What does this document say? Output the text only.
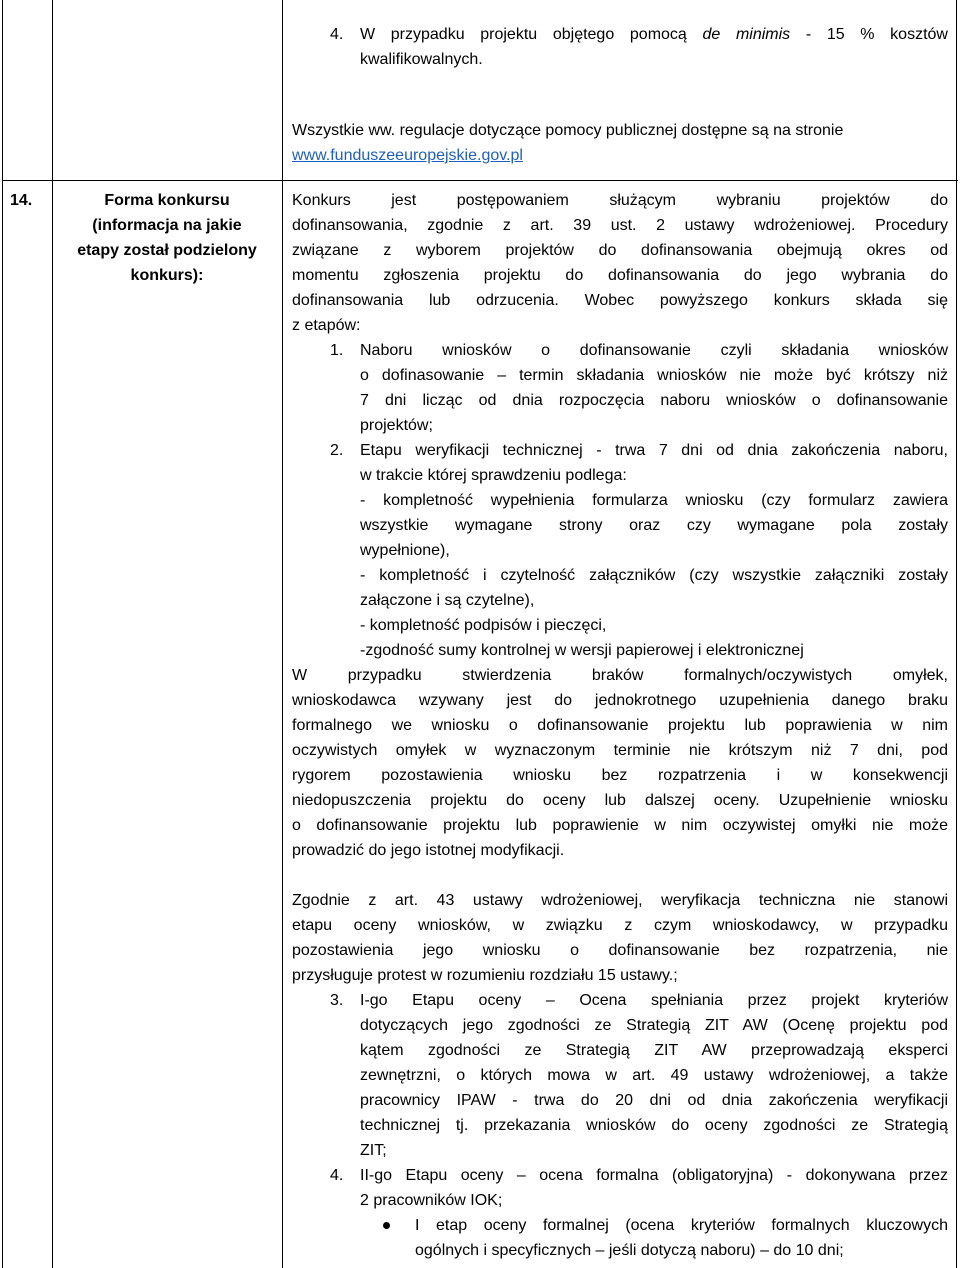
4. W przypadku projektu objętego pomocą de minimis - 15 % kosztów
kwalifikowalnych.
Wszystkie ww. regulacje dotyczące pomocy publicznej dostępne są na stronie
www.funduszeeuropejskie.gov.pl
14.	Forma konkursu
(informacja na jakie
etapy został podzielony
konkurs):
Konkurs jest postępowaniem służącym wybraniu projektów do
dofinansowania, zgodnie z art. 39 ust. 2 ustawy wdrożeniowej. Procedury
związane z wyborem projektów do dofinansowania obejmują okres od
momentu zgłoszenia projektu do dofinansowania do jego wybrania do
dofinansowania lub odrzucenia. Wobec powyższego konkurs składa się
z etapów:
1. Naboru wniosków o dofinansowanie czyli składania wniosków
o dofinasowanie – termin składania wniosków nie może być krótszy niż
7 dni licząc od dnia rozpoczęcia naboru wniosków o dofinansowanie
projektów;
2. Etapu weryfikacji technicznej - trwa 7 dni od dnia zakończenia naboru,
w trakcie której sprawdzeniu podlega:
- kompletność wypełnienia formularza wniosku (czy formularz zawiera
wszystkie wymagane strony oraz czy wymagane pola zostały
wypełnione),
- kompletność i czytelność załączników (czy wszystkie załączniki zostały
załączone i są czytelne),
- kompletność podpisów i pieczęci,
-zgodność sumy kontrolnej w wersji papierowej i elektronicznej
W przypadku stwierdzenia braków formalnych/oczywistych omyłek,
wnioskodawca wzywany jest do jednokrotnego uzupełnienia danego braku
formalnego we wniosku o dofinansowanie projektu lub poprawienia w nim
oczywistych omyłek w wyznaczonym terminie nie krótszym niż 7 dni, pod
rygorem pozostawienia wniosku bez rozpatrzenia i w konsekwencji
niedopuszczenia projektu do oceny lub dalszej oceny. Uzupełnienie wniosku
o dofinansowanie projektu lub poprawienie w nim oczywistej omyłki nie może
prowadzić do jego istotnej modyfikacji.
Zgodnie z art. 43 ustawy wdrożeniowej, weryfikacja techniczna nie stanowi
etapu oceny wniosków, w związku z czym wnioskodawcy, w przypadku
pozostawienia jego wniosku o dofinansowanie bez rozpatrzenia, nie
przysługuje protest w rozumieniu rozdziału 15 ustawy.;
3. I-go Etapu oceny – Ocena spełniania przez projekt kryteriów
dotyczących jego zgodności ze Strategią ZIT AW (Ocenę projektu pod
kątem zgodności ze Strategią ZIT AW przeprowadzają eksperci
zewnętrzni, o których mowa w art. 49 ustawy wdrożeniowej, a także
pracownicy IPAW - trwa do 20 dni od dnia zakończenia weryfikacji
technicznej tj. przekazania wniosków do oceny zgodności ze Strategią
ZIT;
4. II-go Etapu oceny – ocena formalna (obligatoryjna) - dokonywana przez
2 pracowników IOK;
I etap oceny formalnej (ocena kryteriów formalnych kluczowych
ogólnych i specyficznych – jeśli dotyczą naboru) – do 10 dni;
